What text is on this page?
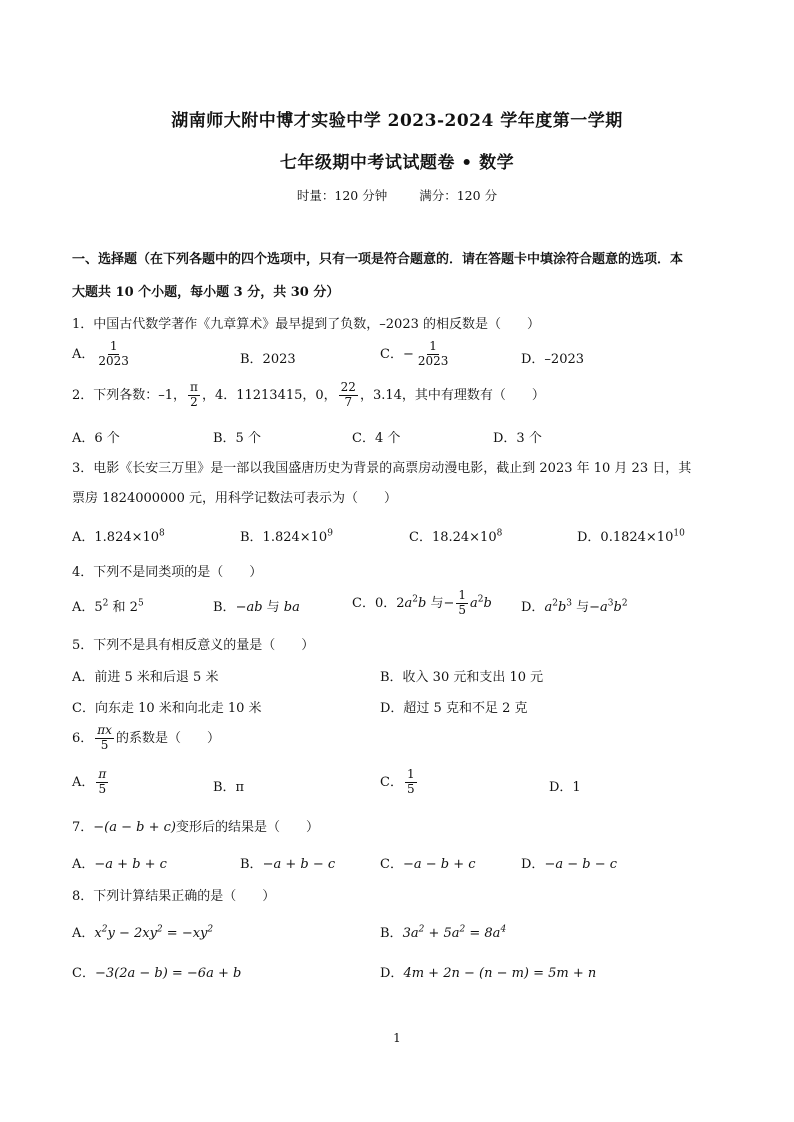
湖南师大附中博才实验中学 2023-2024 学年度第一学期
七年级期中考试试题卷 • 数学
时量：120 分钟	满分：120 分
一、选择题（在下列各题中的四个选项中，只有一项是符合题意的．请在答题卡中填涂符合题意的选项．本
大题共 10 个小题，每小题 3 分，共 30 分）
1．中国古代数学著作《九章算术》最早提到了负数，–2023 的相反数是（　　）
A． $\frac{1}{2023}$	B．2023	C．− $\frac{1}{2023}$	D．–2023
2．下列各数：–1， $\frac{\pi}{2}$ ，4．11213415，0， $\frac{22}{7}$ ，3.14，其中有理数有（　　）
A．6 个	B．5 个	C．4 个	D．3 个
3．电影《长安三万里》是一部以我国盛唐历史为背景的高票房动漫电影，截止到 2023 年 10 月 23 日，其
票房 1824000000 元，用科学记数法可表示为（　　）
A．$1.824\times 10^8$	B．$1.824\times 10^9$	C．$18.24\times 10^8$	D．$0.1824\times 10^{10}$
4．下列不是同类项的是（　　）
A．$5^2$ 和 $2^5$	B．−ab 与 ba	C．0．$2a^2b$ 与− $\frac{1}{5} a^2b$ D．$a^2b^3$ 与$-a^3b^2$
5．下列不是具有相反意义的量是（　　）
A．前进 5 米和后退 5 米	B．收入 30 元和支出 10 元
C．向东走 10 米和向北走 10 米	D．超过 5 克和不足 2 克
6． $\frac{\pi x}{5}$ 的系数是（　　）
A． $\frac{\pi}{5}$	B．π	C． $\frac{1}{5}$	D．1
7．−(a − b + c)变形后的结果是（　　）
A．−a + b + c	B．−a + b − c	C．−a − b + c	D．−a − b − c
8．下列计算结果正确的是（　　）
A．$x^2y - 2xy^2 = -xy^2$	B．$3a^2 + 5a^2 = 8a^4$
C．−3(2a − b) = −6a + b	D．4m + 2n − (n − m) = 5m + n
1
